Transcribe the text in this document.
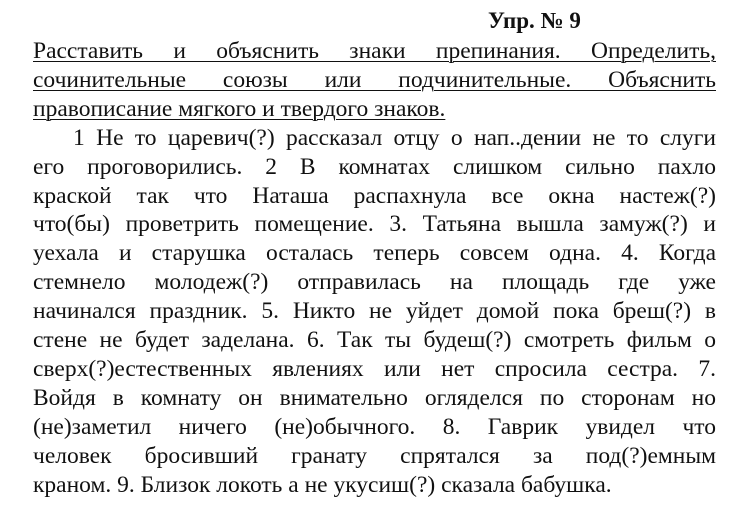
Упр. № 9
Расставить и объяснить знаки препинания. Определить,
сочинительные союзы или подчинительные. Объяснить
правописание мягкого и твердого знаков.
1 Не то царевич(?) рассказал отцу о нап..дении не то слуги
его проговорились. 2 В комнатах слишком сильно пахло
краской так что Наташа распахнула все окна настеж(?)
что(бы) проветрить помещение. 3. Татьяна вышла замуж(?) и
уехала и старушка осталась теперь совсем одна. 4. Когда
стемнело молодеж(?) отправилась на площадь где уже
начинался праздник. 5. Никто не уйдет домой пока бреш(?) в
стене не будет заделана. 6. Так ты будеш(?) смотреть фильм о
сверх(?)естественных явлениях или нет спросила сестра. 7.
Войдя в комнату он внимательно огляделся по сторонам но
(не)заметил ничего (не)обычного. 8. Гаврик увидел что
человек бросивший гранату спрятался за под(?)емным
краном. 9. Близок локоть а не укусиш(?) сказала бабушка.
